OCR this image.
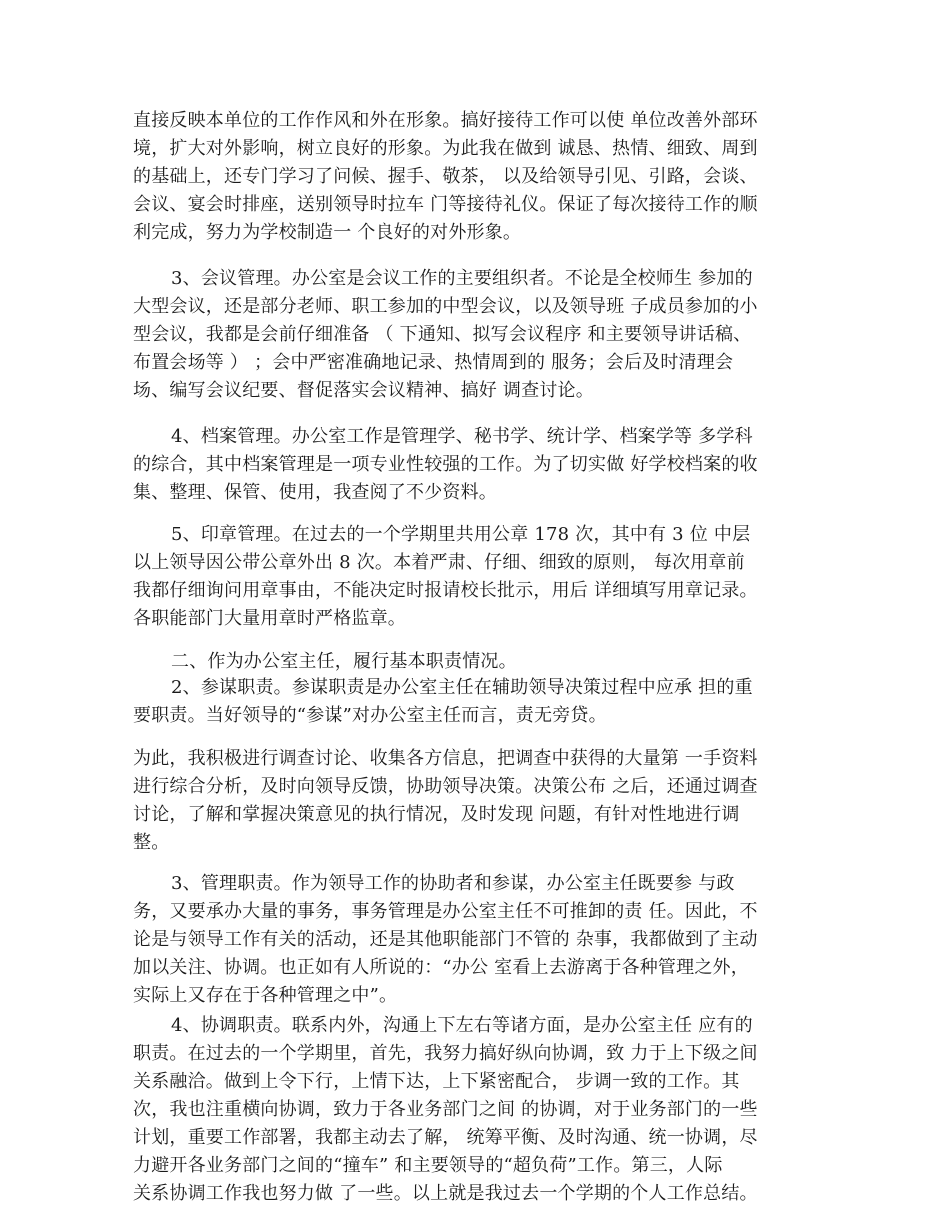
直接反映本单位的工作作风和外在形象。搞好接待工作可以使 单位改善外部环
境，扩大对外影响，树立良好的形象。为此我在做到 诚恳、热情、细致、周到
的基础上，还专门学习了问候、握手、敬茶， 以及给领导引见、引路，会谈、
会议、宴会时排座，送别领导时拉车 门等接待礼仪。保证了每次接待工作的顺
利完成，努力为学校制造一 个良好的对外形象。
3、会议管理。办公室是会议工作的主要组织者。不论是全校师生 参加的
大型会议，还是部分老师、职工参加的中型会议，以及领导班 子成员参加的小
型会议，我都是会前仔细准备 （ 下通知、拟写会议程序 和主要领导讲话稿、
布置会场等 ） ；会中严密准确地记录、热情周到的 服务；会后及时清理会
场、编写会议纪要、督促落实会议精神、搞好 调查讨论。
4、档案管理。办公室工作是管理学、秘书学、统计学、档案学等 多学科
的综合，其中档案管理是一项专业性较强的工作。为了切实做 好学校档案的收
集、整理、保管、使用，我查阅了不少资料。
5、印章管理。在过去的一个学期里共用公章 178 次，其中有 3 位 中层
以上领导因公带公章外出 8 次。本着严肃、仔细、细致的原则， 每次用章前
我都仔细询问用章事由，不能决定时报请校长批示，用后 详细填写用章记录。
各职能部门大量用章时严格监章。
二、作为办公室主任，履行基本职责情况。
2、参谋职责。参谋职责是办公室主任在辅助领导决策过程中应承 担的重
要职责。当好领导的“参谋”对办公室主任而言，责无旁贷。
为此，我积极进行调查讨论、收集各方信息，把调查中获得的大量第 一手资料
进行综合分析，及时向领导反馈，协助领导决策。决策公布 之后，还通过调查
讨论，了解和掌握决策意见的执行情况，及时发现 问题，有针对性地进行调
整。
3、管理职责。作为领导工作的协助者和参谋，办公室主任既要参 与政
务，又要承办大量的事务，事务管理是办公室主任不可推卸的责 任。因此，不
论是与领导工作有关的活动，还是其他职能部门不管的 杂事，我都做到了主动
加以关注、协调。也正如有人所说的：“办公 室看上去游离于各种管理之外，
实际上又存在于各种管理之中”。
4、协调职责。联系内外，沟通上下左右等诸方面，是办公室主任 应有的
职责。在过去的一个学期里，首先，我努力搞好纵向协调，致 力于上下级之间
关系融洽。做到上令下行，上情下达，上下紧密配合， 步调一致的工作。其
次，我也注重横向协调，致力于各业务部门之间 的协调，对于业务部门的一些
计划，重要工作部署，我都主动去了解， 统筹平衡、及时沟通、统一协调，尽
力避开各业务部门之间的“撞车” 和主要领导的“超负荷”工作。第三，人际
关系协调工作我也努力做 了一些。以上就是我过去一个学期的个人工作总结。
